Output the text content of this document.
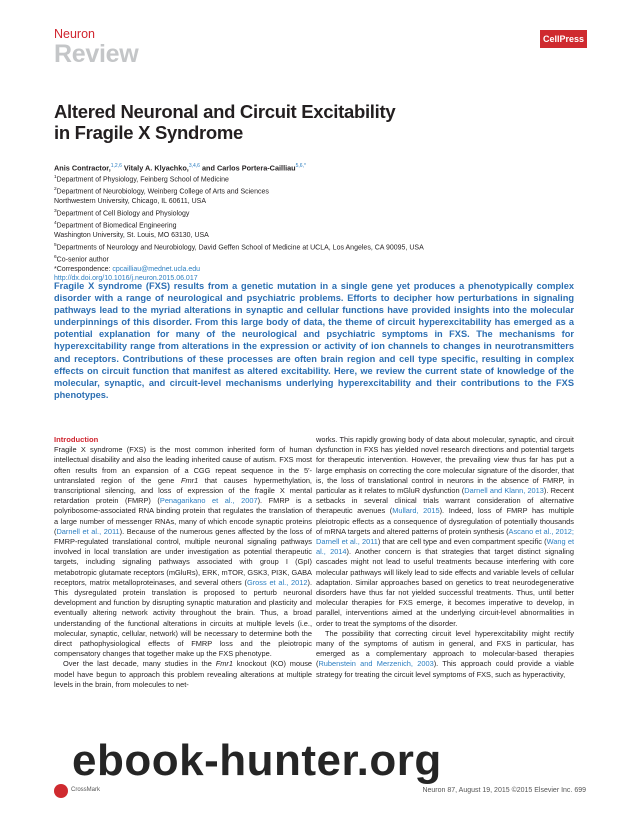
Neuron
Review
CellPress
Altered Neuronal and Circuit Excitability
in Fragile X Syndrome
Anis Contractor,$^{1,2,6}$ Vitaly A. Klyachko,$^{3,4,6}$ and Carlos Portera-Cailliau$^{5,6,*}$
$^1$Department of Physiology, Feinberg School of Medicine
$^2$Department of Neurobiology, Weinberg College of Arts and Sciences
Northwestern University, Chicago, IL 60611, USA
$^3$Department of Cell Biology and Physiology
$^4$Department of Biomedical Engineering
Washington University, St. Louis, MO 63130, USA
$^5$Departments of Neurology and Neurobiology, David Geffen School of Medicine at UCLA, Los Angeles, CA 90095, USA
$^6$Co-senior author
*Correspondence: cpcailliau@mednet.ucla.edu
http://dx.doi.org/10.1016/j.neuron.2015.06.017
Fragile X syndrome (FXS) results from a genetic mutation in a single gene yet produces a phenotypically complex disorder with a range of neurological and psychiatric problems. Efforts to decipher how perturbations in signaling pathways lead to the myriad alterations in synaptic and cellular functions have provided insights into the molecular underpinnings of this disorder. From this large body of data, the theme of circuit hyperexcitability has emerged as a potential explanation for many of the neurological and psychiatric symptoms in FXS. The mechanisms for hyperexcitability range from alterations in the expression or activity of ion channels to changes in neurotransmitters and receptors. Contributions of these processes are often brain region and cell type specific, resulting in complex effects on circuit function that manifest as altered excitability. Here, we review the current state of knowledge of the molecular, synaptic, and circuit-level mechanisms underlying hyperexcitability and their contributions to the FXS phenotypes.
Introduction

Fragile X syndrome (FXS) is the most common inherited form of human intellectual disability and also the leading inherited cause of autism. FXS most often results from an expansion of a CGG repeat sequence in the 5′-untranslated region of the gene Fmr1 that causes hypermethylation, transcriptional silencing, and loss of expression of the fragile X mental retardation protein (FMRP) (Penagarikano et al., 2007). FMRP is a polyribosome-associated RNA binding protein that regulates the translation of a large number of messenger RNAs, many of which encode synaptic proteins (Darnell et al., 2011). Because of the numerous genes affected by the loss of FMRP-regulated translational control, multiple neuronal signaling pathways involved in local translation are under investigation as potential therapeutic targets, including signaling pathways associated with group I (GpI) metabotropic glutamate receptors (mGluRs), ERK, mTOR, GSK3, PI3K, GABA receptors, matrix metalloproteinases, and several others (Gross et al., 2012). This dysregulated protein translation is proposed to perturb neuronal development and function by disrupting synaptic maturation and plasticity and eventually altering network activity throughout the brain. Thus, a broad understanding of the functional alterations in circuits at multiple levels (i.e., molecular, synaptic, cellular, network) will be necessary to determine both the direct pathophysiological effects of FMRP loss and the pleiotropic compensatory changes that together make up the FXS phenotype.

Over the last decade, many studies in the Fmr1 knockout (KO) mouse model have begun to approach this problem revealing alterations at multiple levels in the brain, from molecules to net-

works. This rapidly growing body of data about molecular, synaptic, and circuit dysfunction in FXS has yielded novel research directions and potential targets for therapeutic intervention. However, the prevailing view thus far has put a large emphasis on correcting the core molecular signature of the disorder, that is, the loss of translational control in neurons in the absence of FMRP, in particular as it relates to mGluR dysfunction (Darnell and Klann, 2013). Recent setbacks in several clinical trials warrant consideration of alternative therapeutic avenues (Mullard, 2015). Indeed, loss of FMRP has multiple pleiotropic effects as a consequence of dysregulation of potentially thousands of mRNA targets and altered patterns of protein synthesis (Ascano et al., 2012; Darnell et al., 2011) that are cell type and even compartment specific (Wang et al., 2014). Another concern is that strategies that target distinct signaling cascades might not lead to useful treatments because interfering with core molecular pathways will likely lead to side effects and variable levels of cellular adaptation. Similar approaches based on genetics to treat neurodegenerative disorders have thus far not yielded successful treatments. Thus, until better molecular therapies for FXS emerge, it becomes imperative to develop, in parallel, interventions aimed at the underlying circuit-level abnormalities in order to treat the symptoms of the disorder.

The possibility that correcting circuit level hyperexcitability might rectify many of the symptoms of autism in general, and FXS in particular, has emerged as a complementary approach to molecular-based therapies (Rubenstein and Merzenich, 2003). This approach could provide a viable strategy for treating the circuit level symptoms of FXS, such as hyperactivity,

CrossMark	Neuron 87, August 19, 2015 ©2015 Elsevier Inc. 699
ebook-hunter.org
